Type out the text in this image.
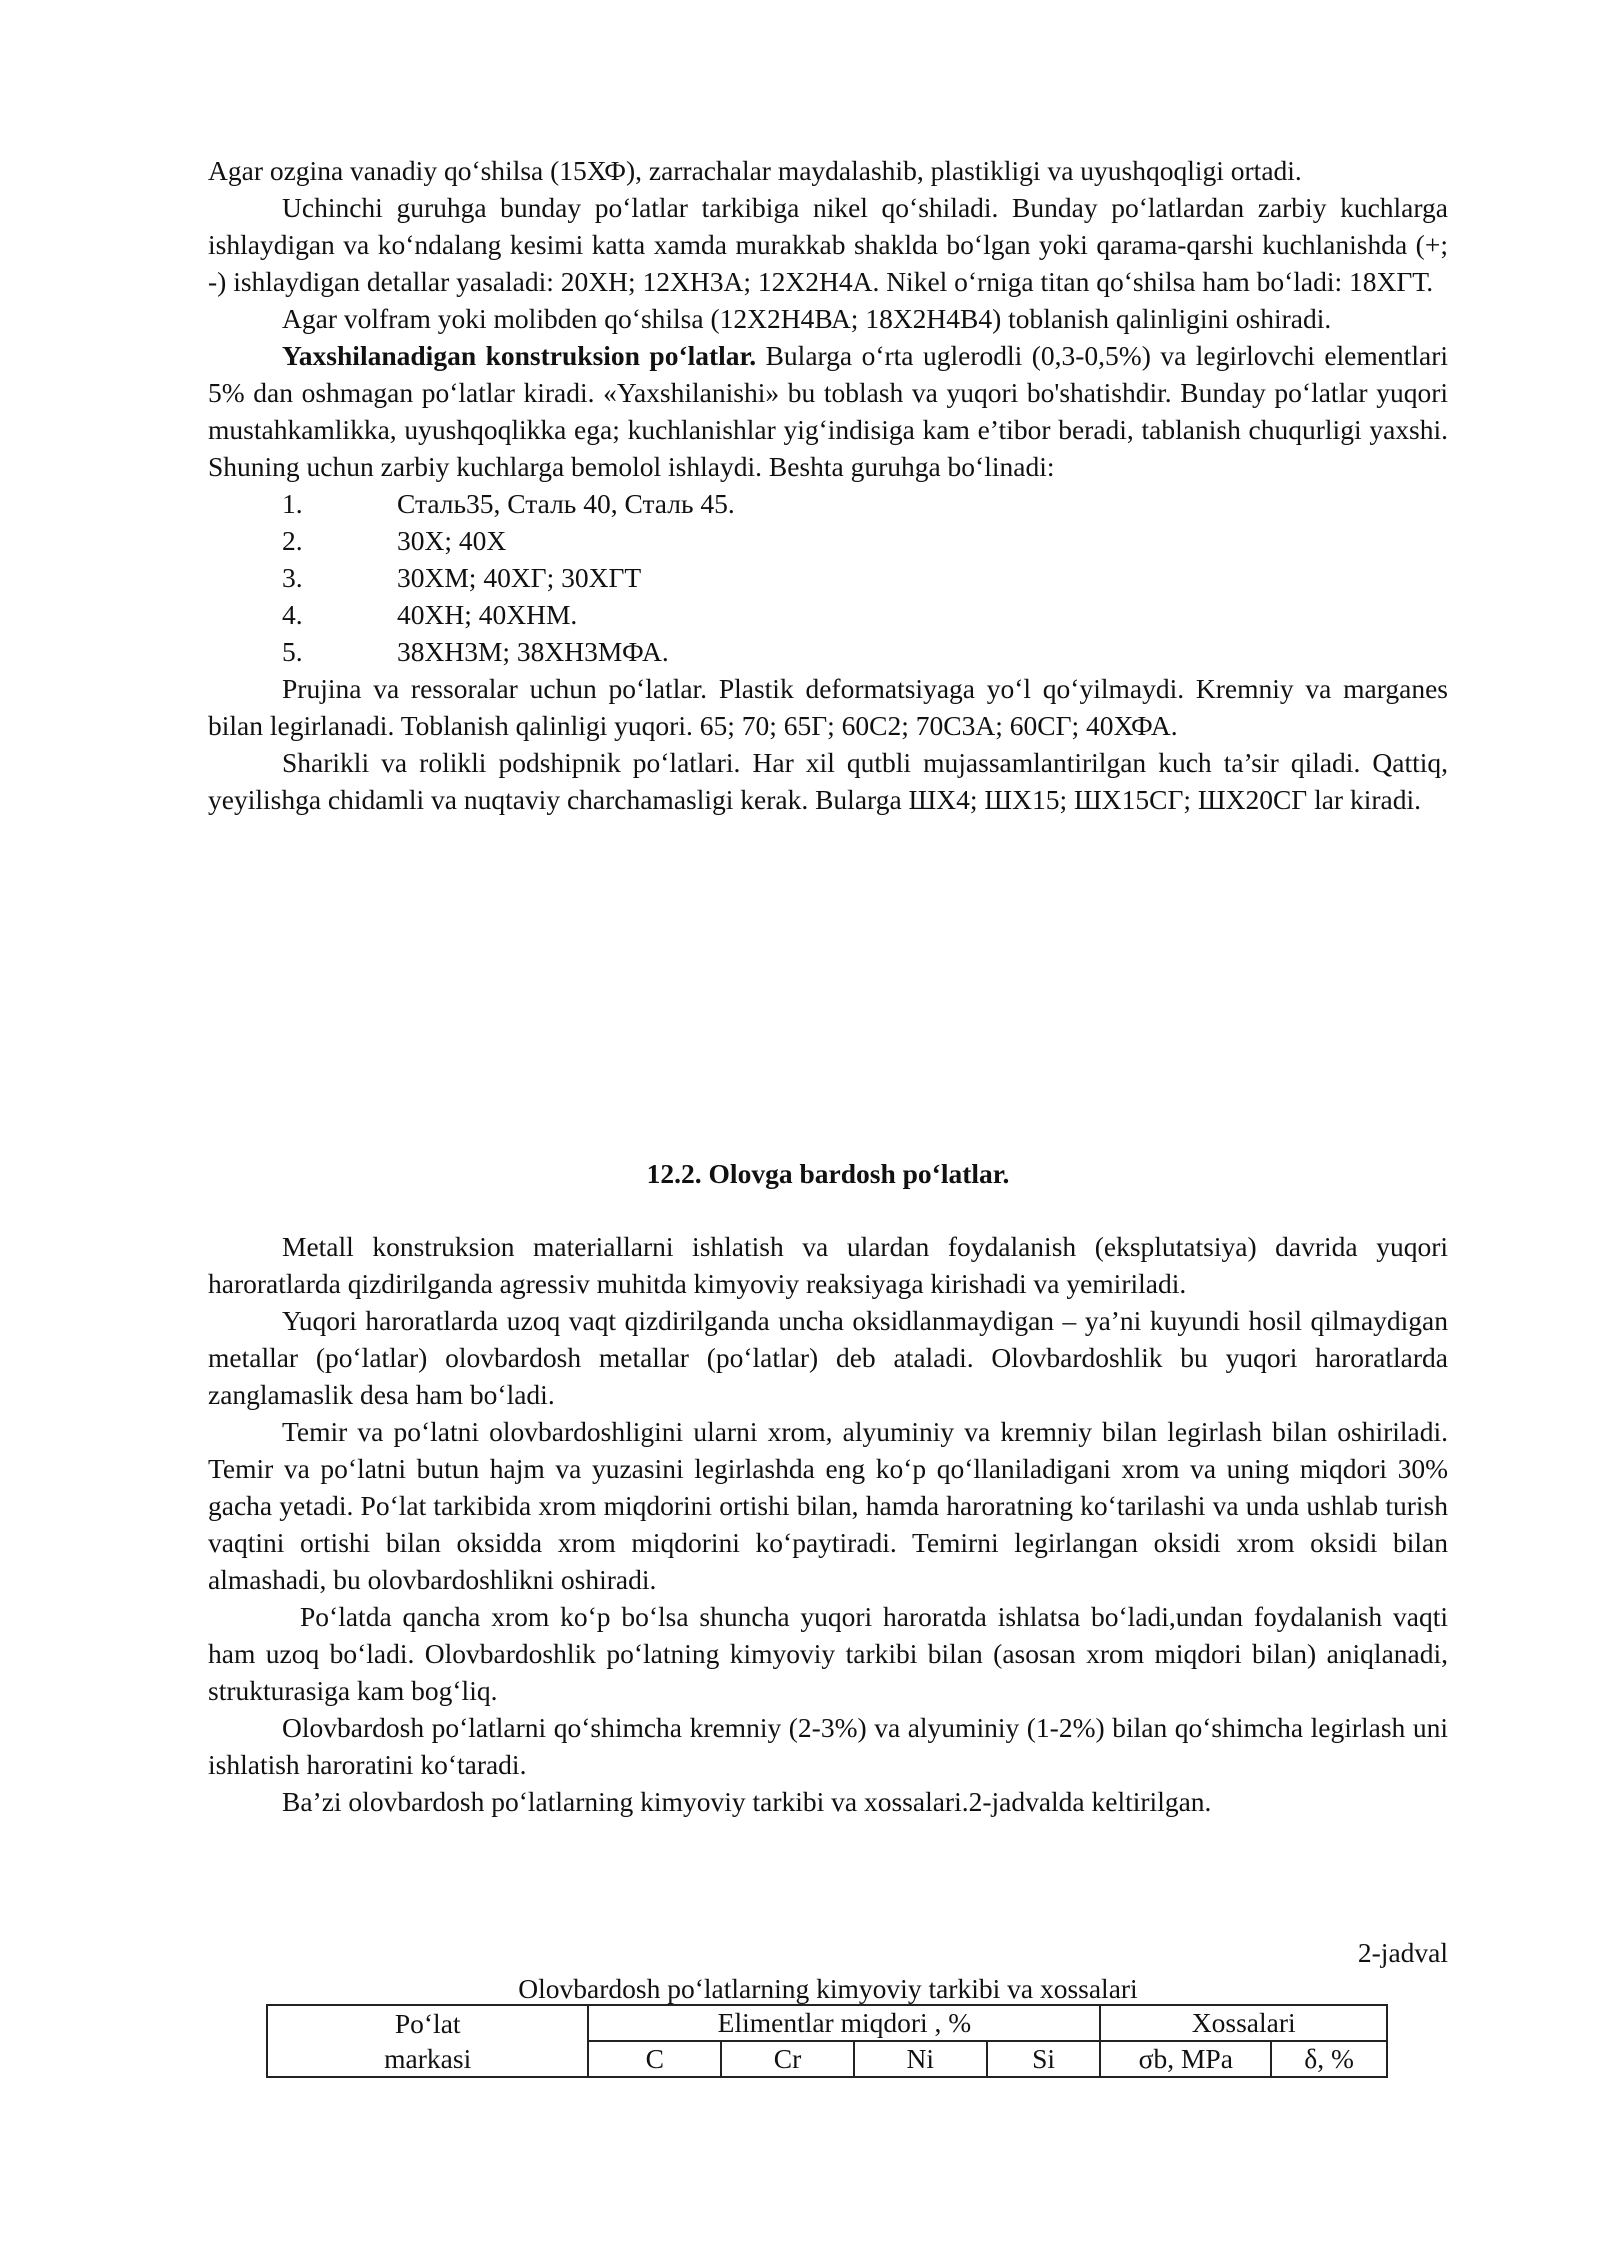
Agar ozgina vanadiy qo‘shilsa (15ХФ), zarrachalar maydalashib, plastikligi va uyushqoqligi ortadi.

Uchinchi guruhga bunday po‘latlar tarkibiga nikel qo‘shiladi. Bunday po‘latlardan zarbiy kuchlarga ishlaydigan va ko‘ndalang kesimi katta xamda murakkab shaklda bo‘lgan yoki qarama-qarshi kuchlanishda (+; -) ishlaydigan detallar yasaladi: 20ХН; 12ХН3А; 12Х2Н4А. Nikel o‘rniga titan qo‘shilsa ham bo‘ladi: 18ХГТ.

Agar volfram yoki molibden qo‘shilsa (12Х2Н4ВА; 18Х2Н4В4) toblanish qalinligini oshiradi.

Yaxshilanadigan konstruksion po‘latlar. Bularga o‘rta uglerodli (0,3-0,5%) va legirlovchi elementlari 5% dan oshmagan po‘latlar kiradi. «Yaxshilanishi» bu toblash va yuqori bo'shatishdir. Bunday po‘latlar yuqori mustahkamlikka, uyushqoqlikka ega; kuchlanishlar yig‘indisiga kam e’tibor beradi, tablanish chuqurligi yaxshi. Shuning uchun zarbiy kuchlarga bemolol ishlaydi. Beshta guruhga bo‘linadi:

1.	Сталь35, Сталь 40, Сталь 45.
2.	30Х; 40Х
3.	30ХМ; 40ХГ; 30ХГТ
4.	40ХН; 40ХНМ.
5.	38ХН3М; 38ХН3МФА.

Prujina va ressoralar uchun po‘latlar. Plastik deformatsiyaga yo‘l qo‘yilmaydi. Kremniy va marganes bilan legirlanadi. Toblanish qalinligi yuqori. 65; 70; 65Г; 60С2; 70С3А; 60СГ; 40ХФА.

Sharikli va rolikli podshipnik po‘latlari. Har xil qutbli mujassamlantirilgan kuch ta’sir qiladi. Qattiq, yeyilishga chidamli va nuqtaviy charchamasligi kerak. Bularga ШХ4; ШХ15; ШХ15СГ; ШХ20СГ lar kiradi.

12.2. Olovga bardosh po‘latlar.

Metall konstruksion materiallarni ishlatish va ulardan foydalanish (eksplutatsiya) davrida yuqori haroratlarda qizdirilganda agressiv muhitda kimyoviy reaksiyaga kirishadi va yemiriladi.

Yuqori haroratlarda uzoq vaqt qizdirilganda uncha oksidlanmaydigan – ya’ni kuyundi hosil qilmaydigan metallar (po‘latlar) olovbardosh metallar (po‘latlar) deb ataladi. Olovbardoshlik bu yuqori haroratlarda zanglamaslik desa ham bo‘ladi.

Temir va po‘latni olovbardoshligini ularni xrom, alyuminiy va kremniy bilan legirlash bilan oshiriladi. Temir va po‘latni butun hajm va yuzasini legirlashda eng ko‘p qo‘llaniladigani xrom va uning miqdori 30% gacha yetadi. Po‘lat tarkibida xrom miqdorini ortishi bilan, hamda haroratning ko‘tarilashi va unda ushlab turish vaqtini ortishi bilan oksidda xrom miqdorini ko‘paytiradi. Temirni legirlangan oksidi xrom oksidi bilan almashadi, bu olovbardoshlikni oshiradi.

Po‘latda qancha xrom ko‘p bo‘lsa shuncha yuqori haroratda ishlatsa bo‘ladi,undan foydalanish vaqti ham uzoq bo‘ladi. Olovbardoshlik po‘latning kimyoviy tarkibi bilan (asosan xrom miqdori bilan) aniqlanadi, strukturasiga kam bog‘liq.

Olovbardosh po‘latlarni qo‘shimcha kremniy (2-3%) va alyuminiy (1-2%) bilan qo‘shimcha legirlash uni ishlatish haroratini ko‘taradi.

Ba’zi olovbardosh po‘latlarning kimyoviy tarkibi va xossalari.2-jadvalda keltirilgan.

2-jadval

Olovbardosh po‘latlarning kimyoviy tarkibi va xossalari

Po‘lat	Elimentlar miqdori , %				Xossalari	
markasi	C	Cr	Ni	Si	σb, MPa	δ, %
